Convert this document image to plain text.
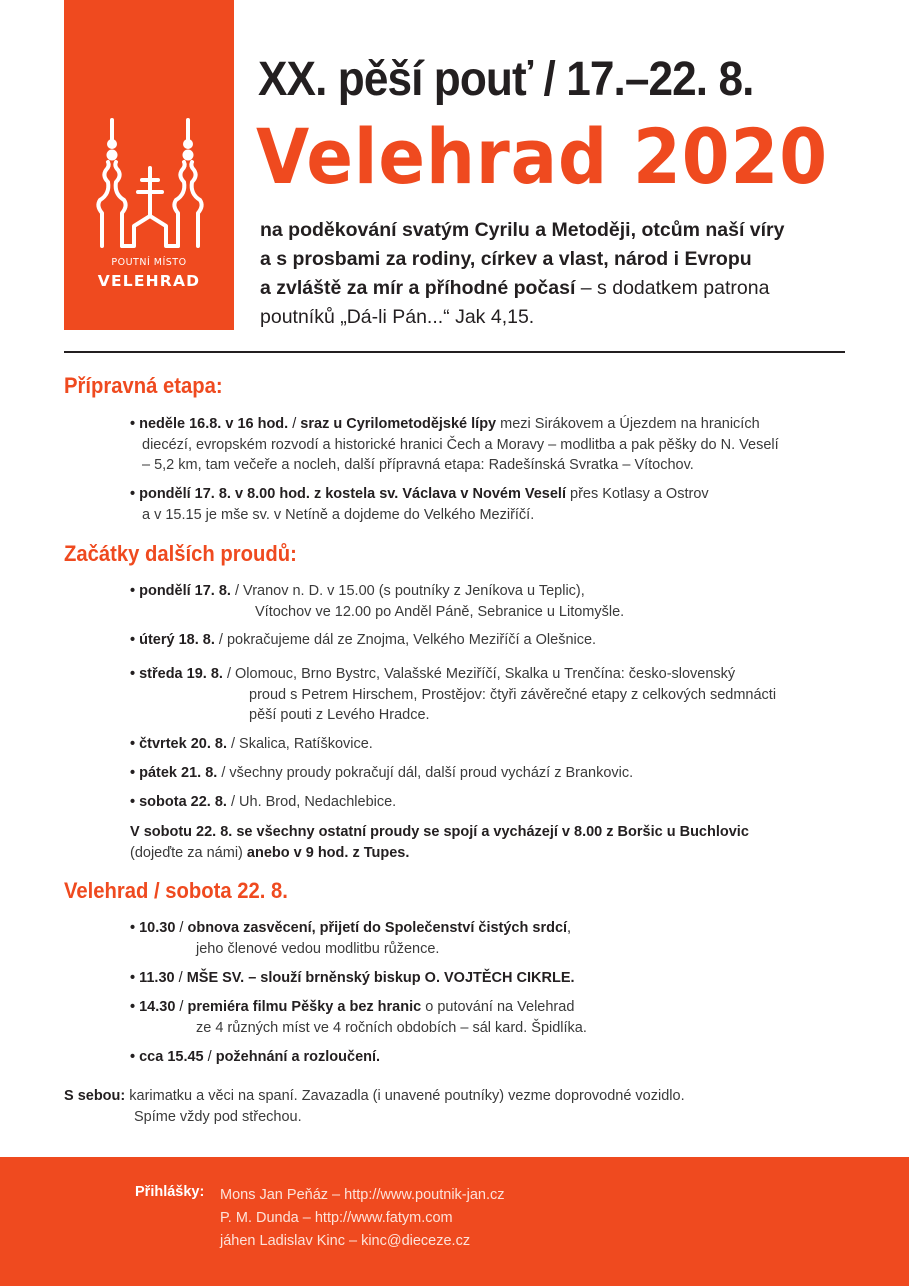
POUTNÍ MÍSTO
VELEHRAD
XX. pěší pouť / 17.–22. 8.
Velehrad 2020
na poděkování svatým Cyrilu a Metoději, otcům naší víry
a s prosbami za rodiny, církev a vlast, národ i Evropu
a zvláště za mír a příhodné počasí – s dodatkem patrona
poutníků „Dá-li Pán...“ Jak 4,15.
Přípravná etapa:
• neděle 16.8. v 16 hod. / sraz u Cyrilometodějské lípy mezi Sirákovem a Újezdem na hranicích
diecézí, evropském rozvodí a historické hranici Čech a Moravy – modlitba a pak pěšky do N. Veselí
– 5,2 km, tam večeře a nocleh, další přípravná etapa: Radešínská Svratka – Vítochov.
• pondělí 17. 8. v 8.00 hod. z kostela sv. Václava v Novém Veselí přes Kotlasy a Ostrov
a v 15.15 je mše sv. v Netíně a dojdeme do Velkého Meziříčí.
Začátky dalších proudů:
• pondělí 17. 8. / Vranov n. D. v 15.00 (s poutníky z Jeníkova u Teplic),
Vítochov ve 12.00 po Anděl Páně, Sebranice u Litomyšle.
• úterý 18. 8. / pokračujeme dál ze Znojma, Velkého Meziříčí a Olešnice.
• středa 19. 8. / Olomouc, Brno Bystrc, Valašské Meziříčí, Skalka u Trenčína: česko-slovenský
proud s Petrem Hirschem, Prostějov: čtyři závěrečné etapy z celkových sedmnácti
pěší pouti z Levého Hradce.
• čtvrtek 20. 8. / Skalica, Ratíškovice.
• pátek 21. 8. / všechny proudy pokračují dál, další proud vychází z Brankovic.
• sobota 22. 8. / Uh. Brod, Nedachlebice.
V sobotu 22. 8. se všechny ostatní proudy se spojí a vycházejí v 8.00 z Boršic u Buchlovic
(dojeďte za námi) anebo v 9 hod. z Tupes.
Velehrad / sobota 22. 8.
• 10.30 / obnova zasvěcení, přijetí do Společenství čistých srdcí,
jeho členové vedou modlitbu růžence.
• 11.30 / MŠE SV. – slouží brněnský biskup O. VOJTĚCH CIKRLE.
• 14.30 / premiéra filmu Pěšky a bez hranic o putování na Velehrad
ze 4 různých míst ve 4 ročních obdobích – sál kard. Špidlíka.
• cca 15.45 / požehnání a rozloučení.
S sebou: karimatku a věci na spaní. Zavazadla (i unavené poutníky) vezme doprovodné vozidlo.
Spíme vždy pod střechou.
Přihlášky: Mons Jan Peňáz – http://www.poutnik-jan.cz
P. M. Dunda – http://www.fatym.com
jáhen Ladislav Kinc – kinc@dieceze.cz
